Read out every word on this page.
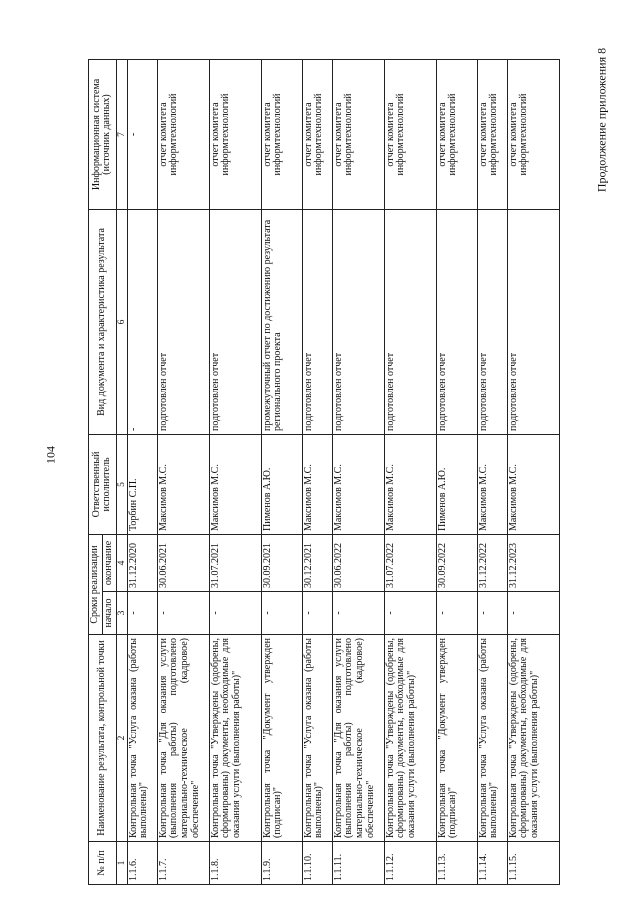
104
Продолжение приложения 8
№ п/п	Наименование результата, контрольной точки	Сроки реализации		Ответственный исполнитель	Вид документа и характеристика результата	Информационная система (источник данных)
		начало	окончание			
1	2	3	4	5	6	7
1.1.6.	Контрольная точка "Услуга оказана (работы выполнены)"	-	31.12.2020	Торбин С.П.	-	-
1.1.7.	Контрольная точка "Для оказания услуги (выполнения работы) подготовлено материально-техническое (кадровое) обеспечение"	-	30.06.2021	Максимов М.С.	подготовлен отчет	отчет комитета информтехнологий
1.1.8.	Контрольная точка "Утверждены (одобрены, сформированы) документы, необходимые для оказания услуги (выполнения работы)"	-	31.07.2021	Максимов М.С.	подготовлен отчет	отчет комитета информтехнологий
1.1.9.	Контрольная точка "Документ утвержден (подписан)"	-	30.09.2021	Пименов А.Ю.	промежуточный отчет по достижению результата регионального проекта	отчет комитета информтехнологий
1.1.10.	Контрольная точка "Услуга оказана (работы выполнены)"	-	30.12.2021	Максимов М.С.	подготовлен отчет	отчет комитета информтехнологий
1.1.11.	Контрольная точка "Для оказания услуги (выполнения работы) подготовлено материально-техническое (кадровое) обеспечение"	-	30.06.2022	Максимов М.С.	подготовлен отчет	отчет комитета информтехнологий
1.1.12.	Контрольная точка "Утверждены (одобрены, сформированы) документы, необходимые для оказания услуги (выполнения работы)"	-	31.07.2022	Максимов М.С.	подготовлен отчет	отчет комитета информтехнологий
1.1.13.	Контрольная точка "Документ утвержден (подписан)"	-	30.09.2022	Пименов А.Ю.	подготовлен отчет	отчет комитета информтехнологий
1.1.14.	Контрольная точка "Услуга оказана (работы выполнены)"	-	31.12.2022	Максимов М.С.	подготовлен отчет	отчет комитета информтехнологий
1.1.15.	Контрольная точка "Утверждены (одобрены, сформированы) документы, необходимые для оказания услуги (выполнения работы)"	-	31.12.2023	Максимов М.С.	подготовлен отчет	отчет комитета информтехнологий
